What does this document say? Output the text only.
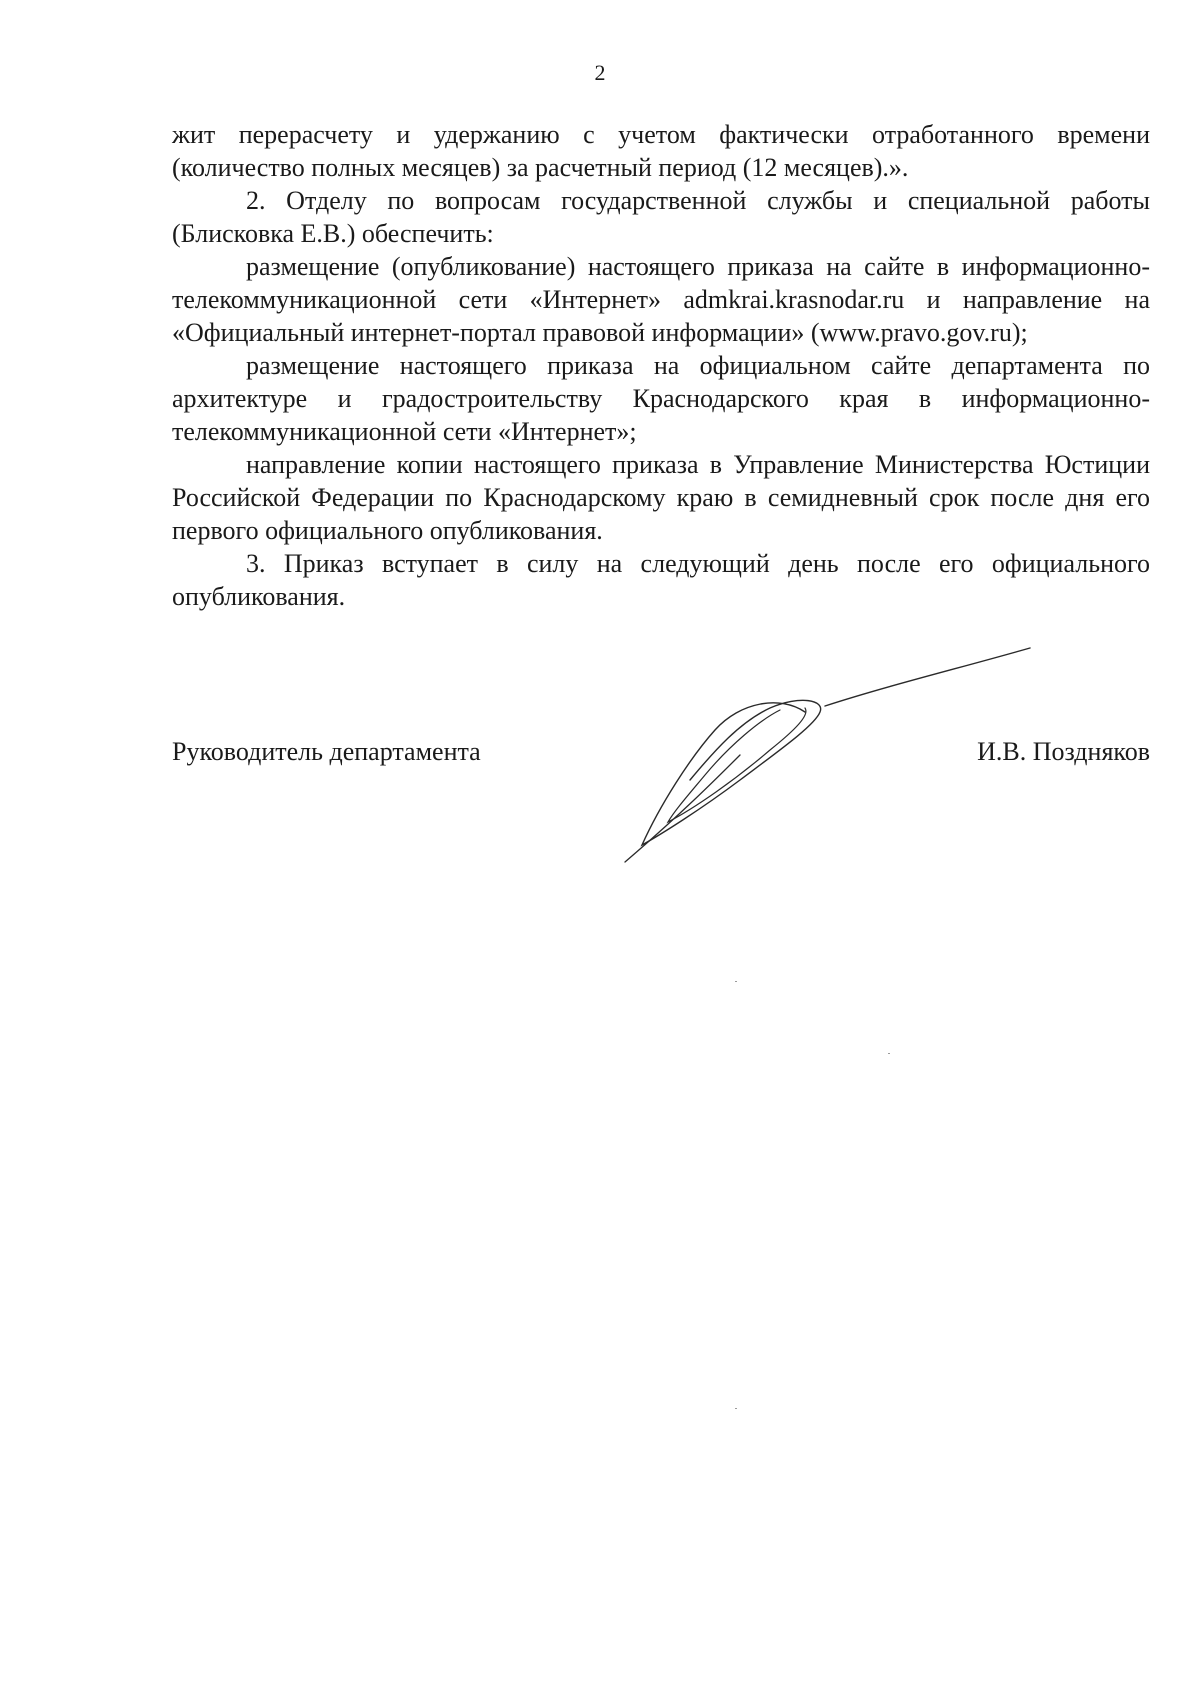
2

жит перерасчету и удержанию с учетом фактически отработанного времени (количество полных месяцев) за расчетный период (12 месяцев).».

2. Отделу по вопросам государственной службы и специальной работы (Блисковка Е.В.) обеспечить:

размещение (опубликование) настоящего приказа на сайте в информационно-телекоммуникационной сети «Интернет» admkrai.krasnodar.ru и направление на «Официальный интернет-портал правовой информации» (www.pravo.gov.ru);

размещение настоящего приказа на официальном сайте департамента по архитектуре и градостроительству Краснодарского края в информационно-телекоммуникационной сети «Интернет»;

направление копии настоящего приказа в Управление Министерства Юстиции Российской Федерации по Краснодарскому краю в семидневный срок после дня его первого официального опубликования.

3. Приказ вступает в силу на следующий день после его официального опубликования.

Руководитель департамента	И.В. Поздняков
